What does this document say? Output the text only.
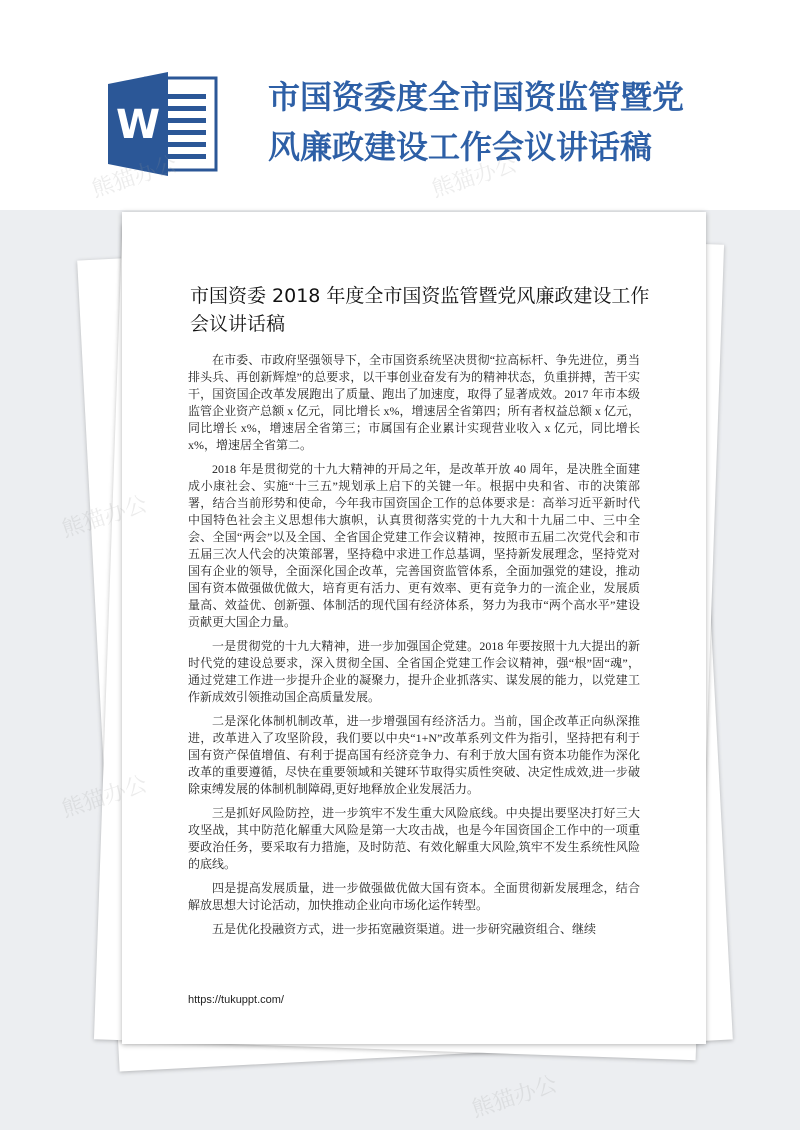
W
市国资委度全市国资监管暨党
风廉政建设工作会议讲话稿
市国资委 2018 年度全市国资监管暨党风廉政建设工作会议讲话稿

在市委、市政府坚强领导下，全市国资系统坚决贯彻“拉高标杆、争先进位，勇当排头兵、再创新辉煌”的总要求，以干事创业奋发有为的精神状态，负重拼搏，苦干实干，国资国企改革发展跑出了质量、跑出了加速度，取得了显著成效。2017 年市本级监管企业资产总额 x 亿元，同比增长 x%，增速居全省第四；所有者权益总额 x 亿元，同比增长 x%，增速居全省第三；市属国有企业累计实现营业收入 x 亿元，同比增长 x%，增速居全省第二。

2018 年是贯彻党的十九大精神的开局之年，是改革开放 40 周年，是决胜全面建成小康社会、实施“十三五”规划承上启下的关键一年。根据中央和省、市的决策部署，结合当前形势和使命，今年我市国资国企工作的总体要求是：高举习近平新时代中国特色社会主义思想伟大旗帜，认真贯彻落实党的十九大和十九届二中、三中全会、全国“两会”以及全国、全省国企党建工作会议精神，按照市五届二次党代会和市五届三次人代会的决策部署，坚持稳中求进工作总基调，坚持新发展理念，坚持党对国有企业的领导，全面深化国企改革，完善国资监管体系，全面加强党的建设，推动国有资本做强做优做大，培育更有活力、更有效率、更有竞争力的一流企业，发展质量高、效益优、创新强、体制活的现代国有经济体系，努力为我市“两个高水平”建设贡献更大国企力量。

一是贯彻党的十九大精神，进一步加强国企党建。2018 年要按照十九大提出的新时代党的建设总要求，深入贯彻全国、全省国企党建工作会议精神，强“根”固“魂”，通过党建工作进一步提升企业的凝聚力，提升企业抓落实、谋发展的能力，以党建工作新成效引领推动国企高质量发展。

二是深化体制机制改革，进一步增强国有经济活力。当前，国企改革正向纵深推进，改革进入了攻坚阶段，我们要以中央“1+N”改革系列文件为指引，坚持把有利于国有资产保值增值、有利于提高国有经济竞争力、有利于放大国有资本功能作为深化改革的重要遵循，尽快在重要领域和关键环节取得实质性突破、决定性成效,进一步破除束缚发展的体制机制障碍,更好地释放企业发展活力。

三是抓好风险防控，进一步筑牢不发生重大风险底线。中央提出要坚决打好三大攻坚战，其中防范化解重大风险是第一大攻击战，也是今年国资国企工作中的一项重要政治任务，要采取有力措施，及时防范、有效化解重大风险,筑牢不发生系统性风险的底线。

四是提高发展质量，进一步做强做优做大国有资本。全面贯彻新发展理念，结合解放思想大讨论活动，加快推动企业向市场化运作转型。

五是优化投融资方式，进一步拓宽融资渠道。进一步研究融资组合、继续

https://tukuppt.com/
熊猫办公
